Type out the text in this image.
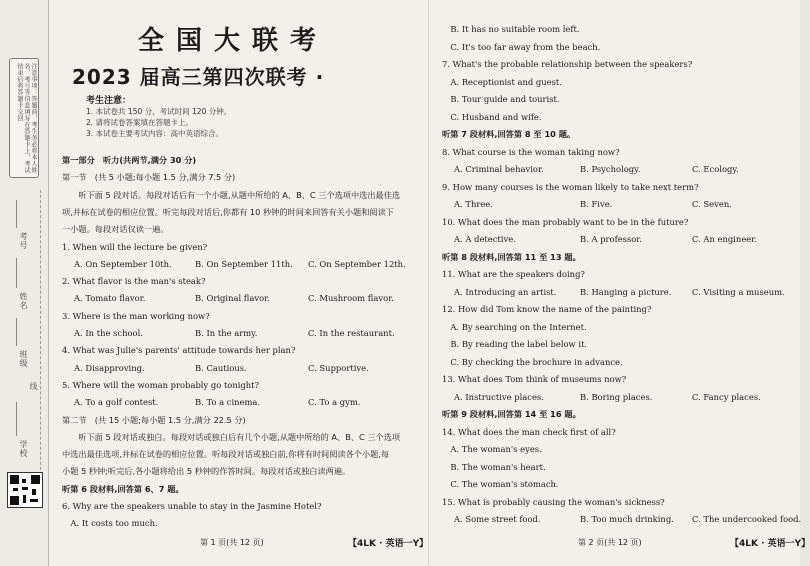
注意事项：答题前，考生务必将本人姓名、考号等信息填写在答题卡上，考试结束后将答题卡交回
考号
姓名
班级
线
学校
全国大联考
2023 届高三第四次联考 ·
考生注意：
1. 本试卷共 150 分，考试时间 120 分钟。
2. 请将试卷答案填在答题卡上。
3. 本试卷主要考试内容：高中英语综合。
第一部分　听力(共两节,满分 30 分)
第一节　(共 5 小题;每小题 1.5 分,满分 7.5 分)
　　听下面 5 段对话。每段对话后有一个小题,从题中所给的 A、B、C 三个选项中选出最佳选
项,并标在试卷的相应位置。听完每段对话后,你都有 10 秒钟的时间来回答有关小题和阅读下
一小题。每段对话仅读一遍。
1. When will the lecture be given?
A. On September 10th.	B. On September 11th. C. On September 12th.
2. What flavor is the man's steak?
A. Tomato flavor.	B. Original flavor.	C. Mushroom flavor.
3. Where is the man working now?
A. In the school.	B. In the army.	C. In the restaurant.
4. What was Julie's parents' attitude towards her plan?
A. Disapproving.	B. Cautious.	C. Supportive.
5. Where will the woman probably go tonight?
A. To a golf contest.	B. To a cinema.	C. To a gym.
第二节　(共 15 小题;每小题 1.5 分,满分 22.5 分)
　　听下面 5 段对话或独白。每段对话或独白后有几个小题,从题中所给的 A、B、C 三个选项
中选出最佳选项,并标在试卷的相应位置。听每段对话或独白前,你将有时间阅读各个小题,每
小题 5 秒钟;听完后,各小题将给出 5 秒钟的作答时间。每段对话或独白读两遍。
听第 6 段材料,回答第 6、7 题。
6. Why are the speakers unable to stay in the Jasmine Hotel?
　A. It costs too much.
第 1 页(共 12 页)	【4LK · 英语一Y】
　B. It has no suitable room left.
　C. It's too far away from the beach.
7. What's the probable relationship between the speakers?
　A. Receptionist and guest.
　B. Tour guide and tourist.
　C. Husband and wife.
听第 7 段材料,回答第 8 至 10 题。
8. What course is the woman taking now?
A. Criminal behavior.	B. Psychology.	C. Ecology.
9. How many courses is the woman likely to take next term?
A. Three.	B. Five.	C. Seven.
10. What does the man probably want to be in the future?
A. A detective.	B. A professor.	C. An engineer.
听第 8 段材料,回答第 11 至 13 题。
11. What are the speakers doing?
A. Introducing an artist.	B. Hanging a picture. C. Visiting a museum.
12. How did Tom know the name of the painting?
　A. By searching on the Internet.
　B. By reading the label below it.
　C. By checking the brochure in advance.
13. What does Tom think of museums now?
A. Instructive places.	B. Boring places.	C. Fancy places.
听第 9 段材料,回答第 14 至 16 题。
14. What does the man check first of all?
　A. The woman's eyes.
　B. The woman's heart.
　C. The woman's stomach.
15. What is probably causing the woman's sickness?
A. Some street food.	B. Too much drinking. C. The undercooked food.
第 2 页(共 12 页)	【4LK · 英语一Y】
